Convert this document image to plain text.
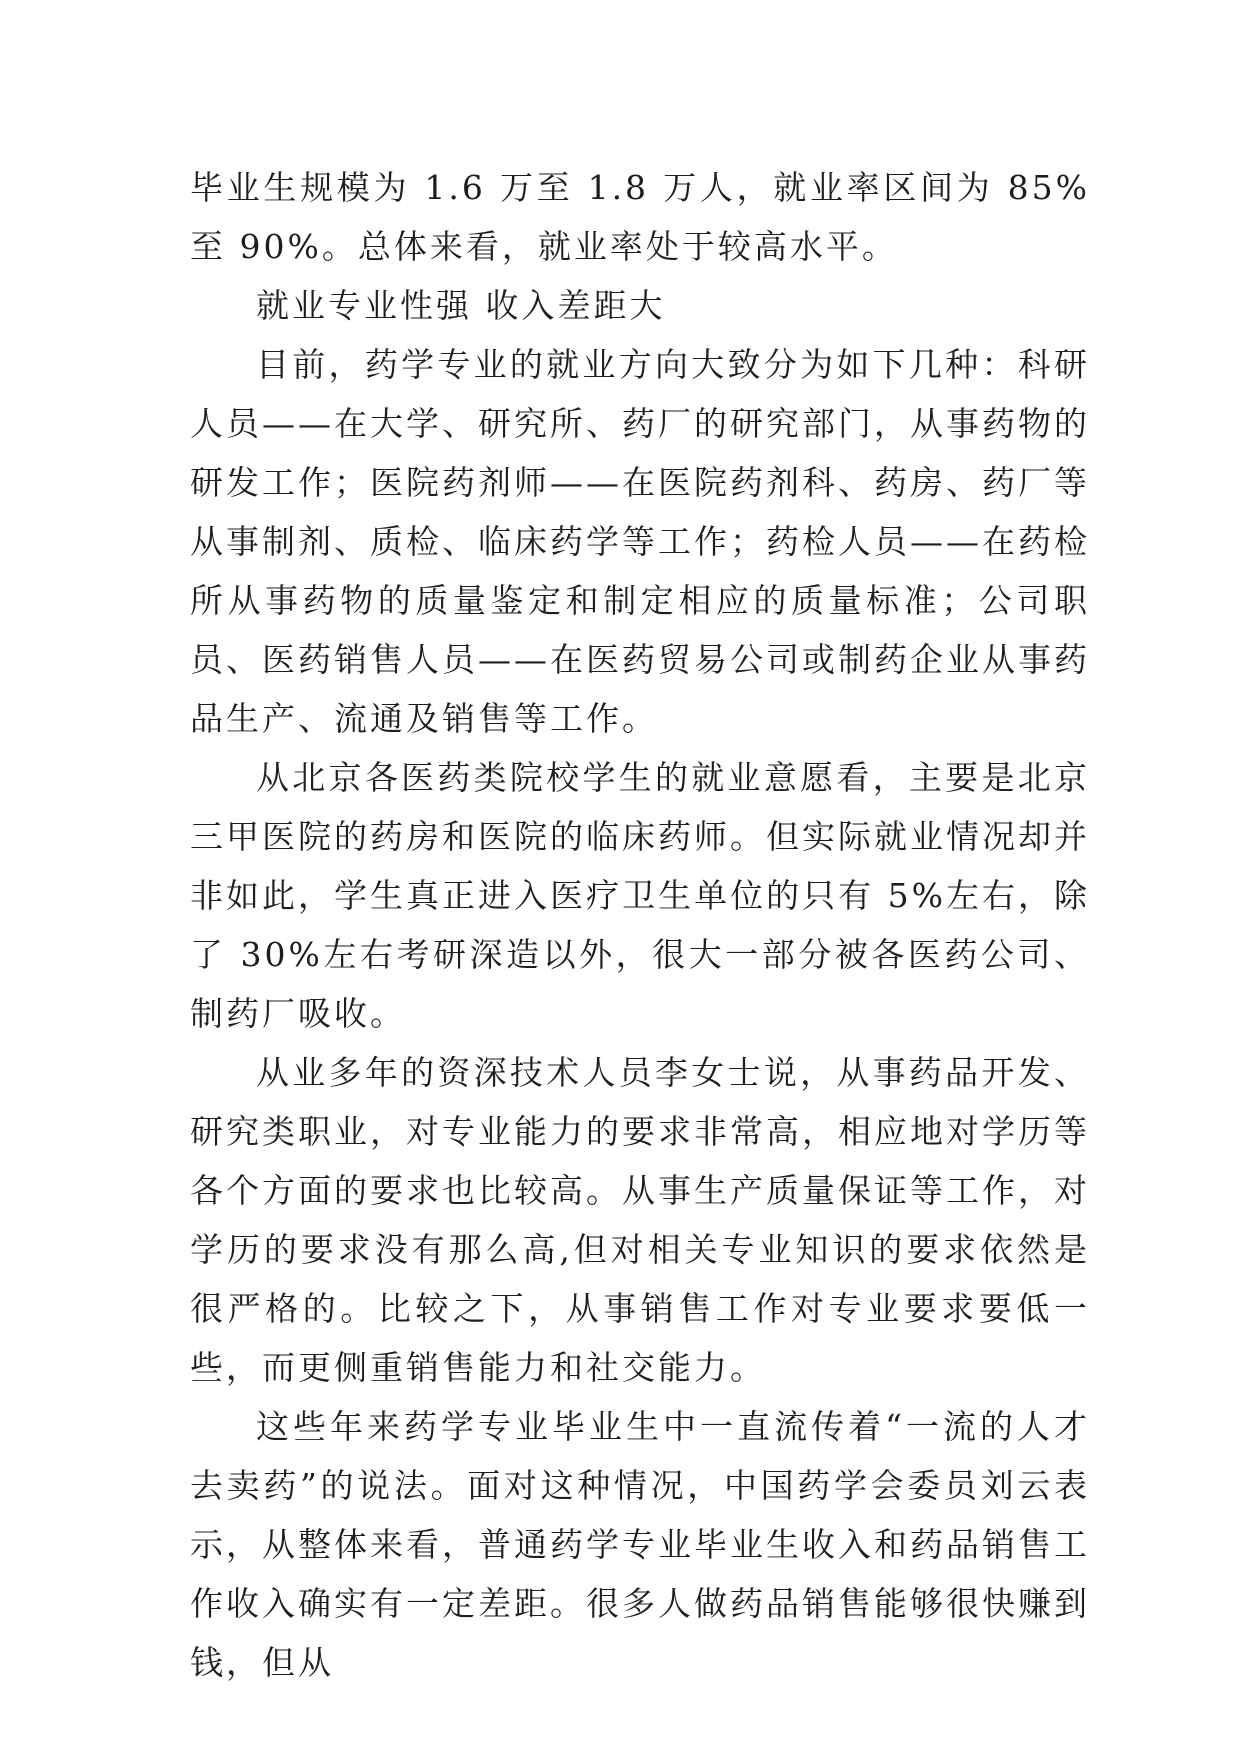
毕业生规模为 1.6 万至 1.8 万人，就业率区间为 85%至 90%。总体来看，就业率处于较高水平。

就业专业性强 收入差距大

目前，药学专业的就业方向大致分为如下几种：科研人员——在大学、研究所、药厂的研究部门，从事药物的研发工作；医院药剂师——在医院药剂科、药房、药厂等从事制剂、质检、临床药学等工作；药检人员——在药检所从事药物的质量鉴定和制定相应的质量标准；公司职员、医药销售人员——在医药贸易公司或制药企业从事药品生产、流通及销售等工作。

从北京各医药类院校学生的就业意愿看，主要是北京三甲医院的药房和医院的临床药师。但实际就业情况却并非如此，学生真正进入医疗卫生单位的只有 5%左右，除了 30%左右考研深造以外，很大一部分被各医药公司、制药厂吸收。

从业多年的资深技术人员李女士说，从事药品开发、研究类职业，对专业能力的要求非常高，相应地对学历等各个方面的要求也比较高。从事生产质量保证等工作，对学历的要求没有那么高,但对相关专业知识的要求依然是很严格的。比较之下，从事销售工作对专业要求要低一些，而更侧重销售能力和社交能力。

这些年来药学专业毕业生中一直流传着“一流的人才去卖药”的说法。面对这种情况，中国药学会委员刘云表示，从整体来看，普通药学专业毕业生收入和药品销售工作收入确实有一定差距。很多人做药品销售能够很快赚到钱，但从
